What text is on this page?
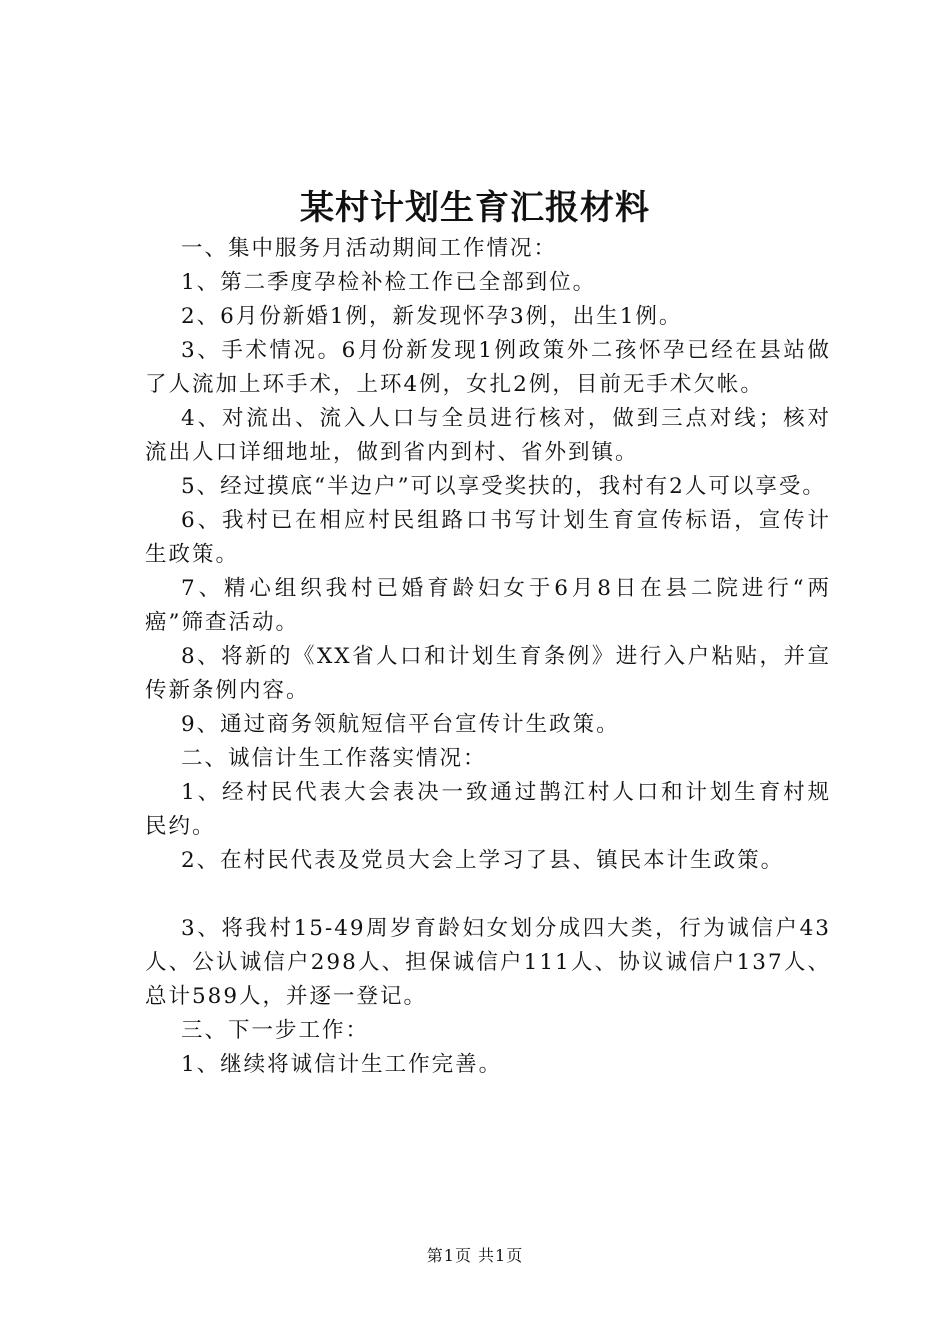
某村计划生育汇报材料

一、集中服务月活动期间工作情况：

1、第二季度孕检补检工作已全部到位。

2、6月份新婚1例，新发现怀孕3例，出生1例。

3、手术情况。6月份新发现1例政策外二孩怀孕已经在县站做了人流加上环手术，上环4例，女扎2例，目前无手术欠帐。

4、对流出、流入人口与全员进行核对，做到三点对线；核对流出人口详细地址，做到省内到村、省外到镇。

5、经过摸底“半边户”可以享受奖扶的，我村有2人可以享受。

6、我村已在相应村民组路口书写计划生育宣传标语，宣传计生政策。

7、精心组织我村已婚育龄妇女于6月8日在县二院进行“两癌”筛查活动。

8、将新的《XX省人口和计划生育条例》进行入户粘贴，并宣传新条例内容。

9、通过商务领航短信平台宣传计生政策。

二、诚信计生工作落实情况：

1、经村民代表大会表决一致通过鹊江村人口和计划生育村规民约。

2、在村民代表及党员大会上学习了县、镇民本计生政策。

3、将我村15-49周岁育龄妇女划分成四大类，行为诚信户43人、公认诚信户298人、担保诚信户111人、协议诚信户137人、总计589人，并逐一登记。

三、下一步工作：

1、继续将诚信计生工作完善。

第1页 共1页
